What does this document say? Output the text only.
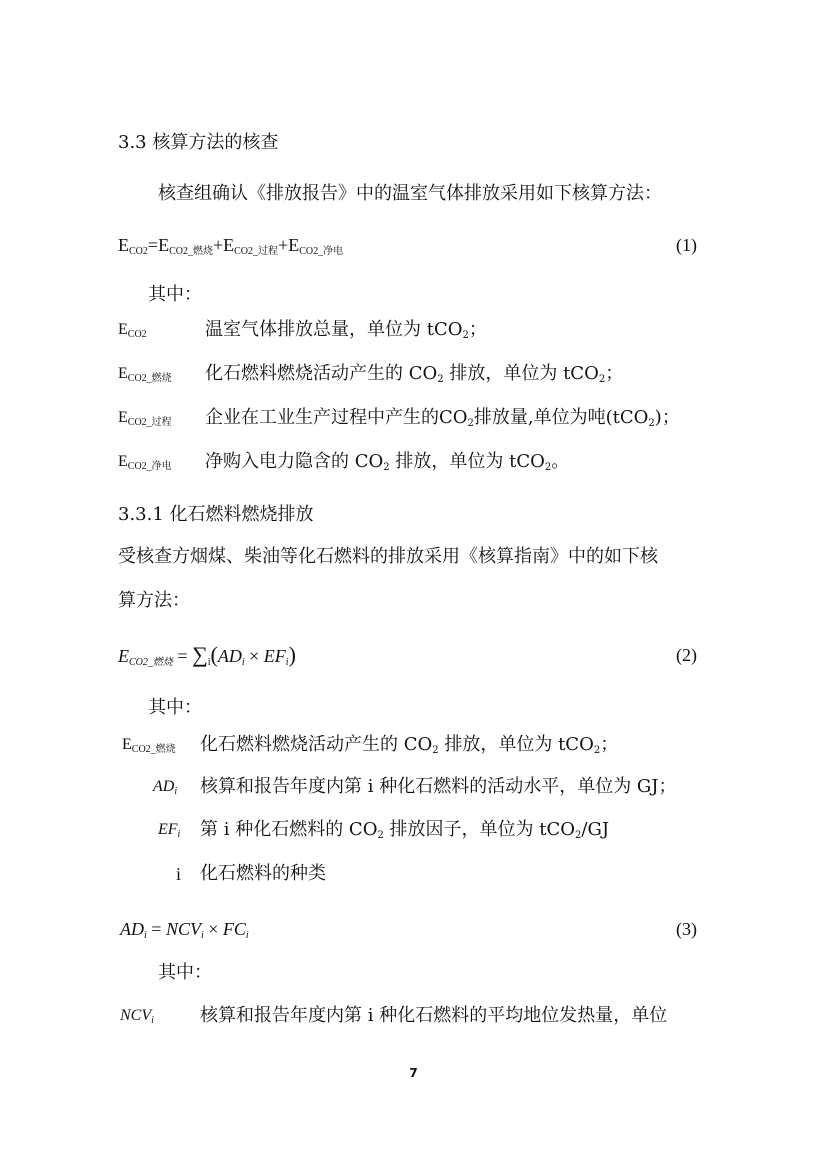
3.3 核算方法的核查
核查组确认《排放报告》中的温室气体排放采用如下核算方法：
$E_{CO2}=E_{CO2\_燃烧}+E_{CO2\_过程}+E_{CO2\_净电}$	(1)
其中：
$E_{CO2}$	温室气体排放总量，单位为 tCO$_2$；
$E_{CO2\_燃烧}$ 化石燃料燃烧活动产生的 $CO_2$ 排放，单位为 tCO$_2$；
$E_{CO2\_过程}$ 企业在工业生产过程中产生的$CO_2$排放量,单位为吨(tCO$_2$)；
$E_{CO2\_净电}$ 净购入电力隐含的 $CO_2$ 排放，单位为 tCO$_2$。
3.3.1 化石燃料燃烧排放
受核查方烟煤、柴油等化石燃料的排放采用《核算指南》中的如下核
算方法：
$E_{CO2\_燃烧} = \sum_i(AD_i \times EF_i)$	(2)
其中：
$E_{CO2\_燃烧}$ 化石燃料燃烧活动产生的 $CO_2$ 排放，单位为 tCO$_2$；
$AD_i$ 核算和报告年度内第 i 种化石燃料的活动水平，单位为 GJ；
$EF_i$ 第 i 种化石燃料的 $CO_2$ 排放因子，单位为 tCO$_2$/GJ
i 化石燃料的种类
$AD_i = NCV_i \times FC_i$	(3)
其中：
$NCV_i$	核算和报告年度内第 i 种化石燃料的平均地位发热量，单位
7
